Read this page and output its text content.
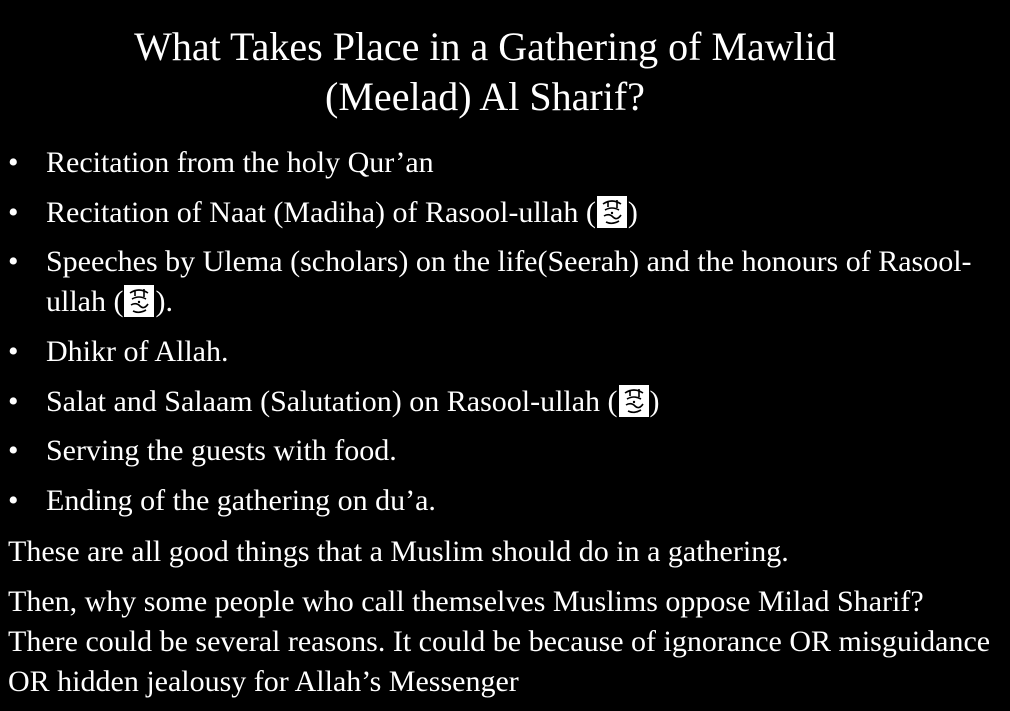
What Takes Place in a Gathering of Mawlid
(Meelad) Al Sharif?
• Recitation from the holy Qur’an
• Recitation of Naat (Madiha) of Rasool-ullah ( )
• Speeches by Ulema (scholars) on the life(Seerah) and the honours of Rasool-ullah ( ).
• Dhikr of Allah.
• Salat and Salaam (Salutation) on Rasool-ullah ( )
• Serving the guests with food.
• Ending of the gathering on du’a.

These are all good things that a Muslim should do in a gathering.

Then, why some people who call themselves Muslims oppose Milad Sharif? There could be several reasons. It could be because of ignorance OR misguidance OR hidden jealousy for Allah’s Messenger
